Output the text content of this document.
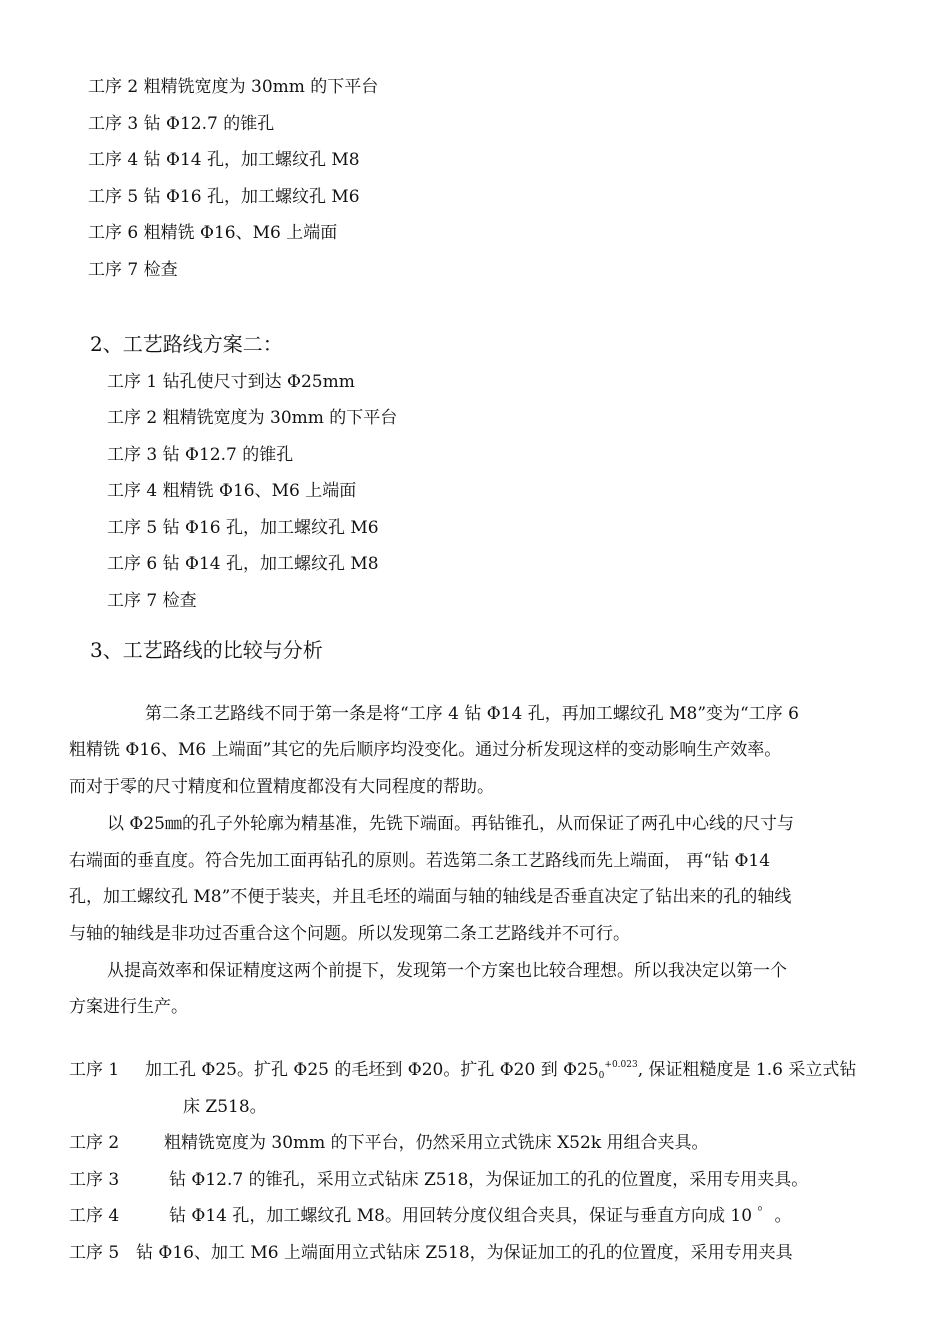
工序 2 粗精铣宽度为 30mm 的下平台
工序 3 钻 Φ12.7 的锥孔
工序 4 钻 Φ14 孔，加工螺纹孔 M8
工序 5 钻 Φ16 孔，加工螺纹孔 M6
工序 6 粗精铣 Φ16、M6 上端面
工序 7 检查
2、工艺路线方案二：
工序 1 钻孔使尺寸到达 Φ25mm
工序 2 粗精铣宽度为 30mm 的下平台
工序 3 钻 Φ12.7 的锥孔
工序 4 粗精铣 Φ16、M6 上端面
工序 5 钻 Φ16 孔，加工螺纹孔 M6
工序 6 钻 Φ14 孔，加工螺纹孔 M8
工序 7 检查
3、工艺路线的比较与分析
第二条工艺路线不同于第一条是将“工序 4 钻 Φ14 孔，再加工螺纹孔 M8”变为“工序 6
粗精铣 Φ16、M6 上端面”其它的先后顺序均没变化。通过分析发现这样的变动影响生产效率。
而对于零的尺寸精度和位置精度都没有大同程度的帮助。
以 Φ25㎜的孔子外轮廓为精基准，先铣下端面。再钻锥孔，从而保证了两孔中心线的尺寸与
右端面的垂直度。符合先加工面再钻孔的原则。若选第二条工艺路线而先上端面， 再“钻 Φ14
孔，加工螺纹孔 M8”不便于装夹，并且毛坯的端面与轴的轴线是否垂直决定了钻出来的孔的轴线
与轴的轴线是非功过否重合这个问题。所以发现第二条工艺路线并不可行。
从提高效率和保证精度这两个前提下，发现第一个方案也比较合理想。所以我决定以第一个
方案进行生产。
工序 1 加工孔 Φ25。扩孔 Φ25 的毛坯到 Φ20。扩孔 Φ20 到 $\Phi 25_0^{+0.023}$, 保证粗糙度是 1.6 采立式钻
床 Z518。
工序 2	粗精铣宽度为 30mm 的下平台，仍然采用立式铣床 X52k 用组合夹具。
工序 3	钻 Φ12.7 的锥孔，采用立式钻床 Z518，为保证加工的孔的位置度，采用专用夹具。
工序 4	钻 Φ14 孔，加工螺纹孔 M8。用回转分度仪组合夹具，保证与垂直方向成 10 ゜。
工序 5 钻 Φ16、加工 M6 上端面用立式钻床 Z518，为保证加工的孔的位置度，采用专用夹具
